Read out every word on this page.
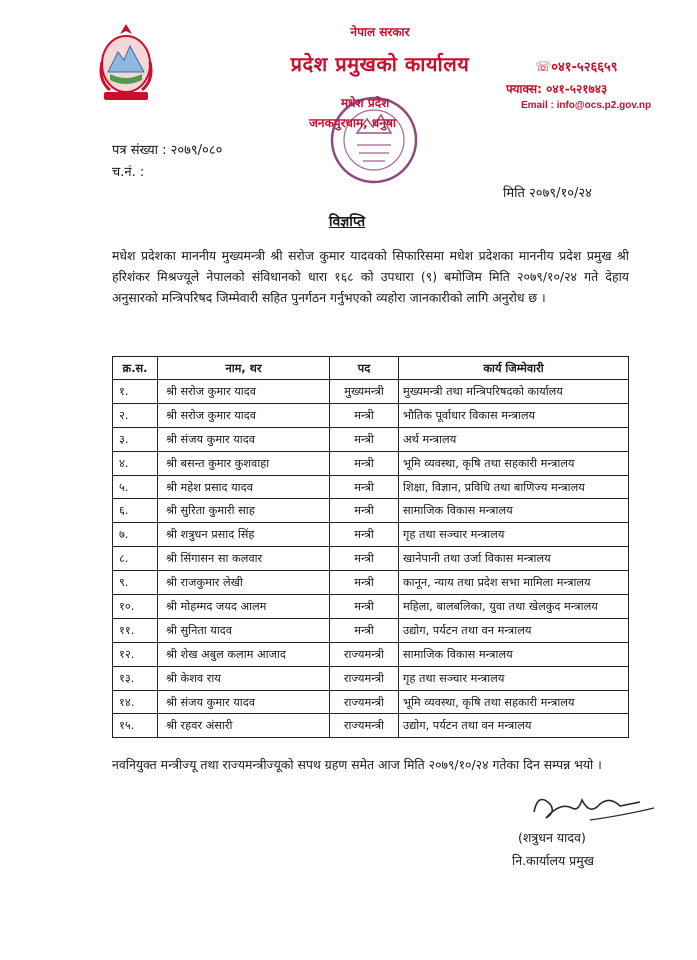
नेपाल सरकार
प्रदेश प्रमुखको कार्यालय	☏०४१-५२६६५९
फ्याक्स: ०४१-५२१७४३
Email : info@ocs.p2.gov.np
मधेश प्रदेश
जनकपुरधाम, धनुषा
पत्र संख्या : २०७९/०८०
च.नं. :
मिति २०७९/१०/२४
विज्ञप्ति
मधेश प्रदेशका माननीय मुख्यमन्त्री श्री सरोज कुमार यादवको सिफारिसमा मधेश प्रदेशका माननीय प्रदेश प्रमुख श्री हरिशंकर मिश्रज्यूले नेपालको संविधानको धारा १६८ को उपधारा (९) बमोजिम मिति २०७९/१०/२४ गते देहाय अनुसारको मन्त्रिपरिषद जिम्मेवारी सहित पुनर्गठन गर्नुभएको व्यहोरा जानकारीको लागि अनुरोध छ ।
क्र.स.	नाम, थर	पद	कार्य जिम्मेवारी
१.	श्री सरोज कुमार यादव	मुख्यमन्त्री	मुख्यमन्त्री तथा मन्त्रिपरिषदको कार्यालय
२.	श्री सरोज कुमार यादव	मन्त्री	भौतिक पूर्वाधार विकास मन्त्रालय
३.	श्री संजय कुमार यादव	मन्त्री	अर्थ मन्त्रालय
४.	श्री बसन्त कुमार कुशवाहा	मन्त्री	भूमि व्यवस्था, कृषि तथा सहकारी मन्त्रालय
५.	श्री महेश प्रसाद यादव	मन्त्री	शिक्षा, विज्ञान, प्रविधि तथा बाणिज्य मन्त्रालय
६.	श्री सुरिता कुमारी साह	मन्त्री	सामाजिक विकास मन्त्रालय
७.	श्री शत्रुधन प्रसाद सिंह	मन्त्री	गृह तथा सञ्चार मन्त्रालय
८.	श्री सिंगासन सा कलवार	मन्त्री	खानेपानी तथा उर्जा विकास मन्त्रालय
९.	श्री राजकुमार लेखी	मन्त्री	कानून, न्याय तथा प्रदेश सभा मामिला मन्त्रालय
१०.	श्री मोहम्मद जयद आलम	मन्त्री	महिला, बालबलिका, युवा तथा खेलकुद मन्त्रालय
११.	श्री सुनिता यादव	मन्त्री	उद्योग, पर्यटन तथा वन मन्त्रालय
१२.	श्री शेख अबुल कलाम आजाद	राज्यमन्त्री	सामाजिक विकास मन्त्रालय
१३.	श्री केशव राय	राज्यमन्त्री	गृह तथा सञ्चार मन्त्रालय
१४.	श्री संजय कुमार यादव	राज्यमन्त्री	भूमि व्यवस्था, कृषि तथा सहकारी मन्त्रालय
१५.	श्री रहवर अंसारी	राज्यमन्त्री	उद्योग, पर्यटन तथा वन मन्त्रालय
नवनियुक्त मन्त्रीज्यू तथा राज्यमन्त्रीज्यूको सपथ ग्रहण समेत आज मिति २०७९/१०/२४ गतेका दिन सम्पन्न भयो ।
(शत्रुधन यादव)
नि.कार्यालय प्रमुख
